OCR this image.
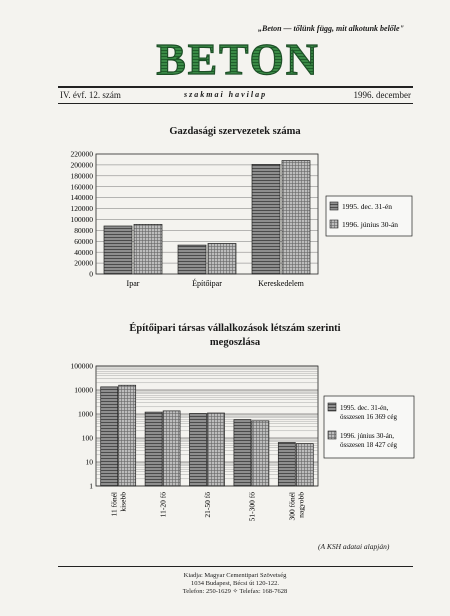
„Beton — tőlünk függ, mit alkotunk belőle"
BETON
IV. évf. 12. szám	szakmai havilap	1996. december
Gazdasági szervezetek száma
220000
200000
180000
160000
140000
120000
100000
80000
60000
40000
20000
0
Ipar	Építőipar	Kereskedelem
1995. dec. 31-én
1996. június 30-án
Építőipari társas vállalkozások létszám szerinti
megoszlása
100000
10000
1000
100
10
1
11 főnél kisebb	11-20 fő	21-50 fő	51-300 fő	300 főnél nagyobb
1995. dec. 31-én,
összesen 16 369 cég
1996. június 30-án,
összesen 18 427 cég
(A KSH adatai alapján)
Kiadja: Magyar Cementipari Szövetség
1034 Budapest, Bécsi út 120-122.
Telefon: 250-1629 ✧ Telefax: 168-7628
